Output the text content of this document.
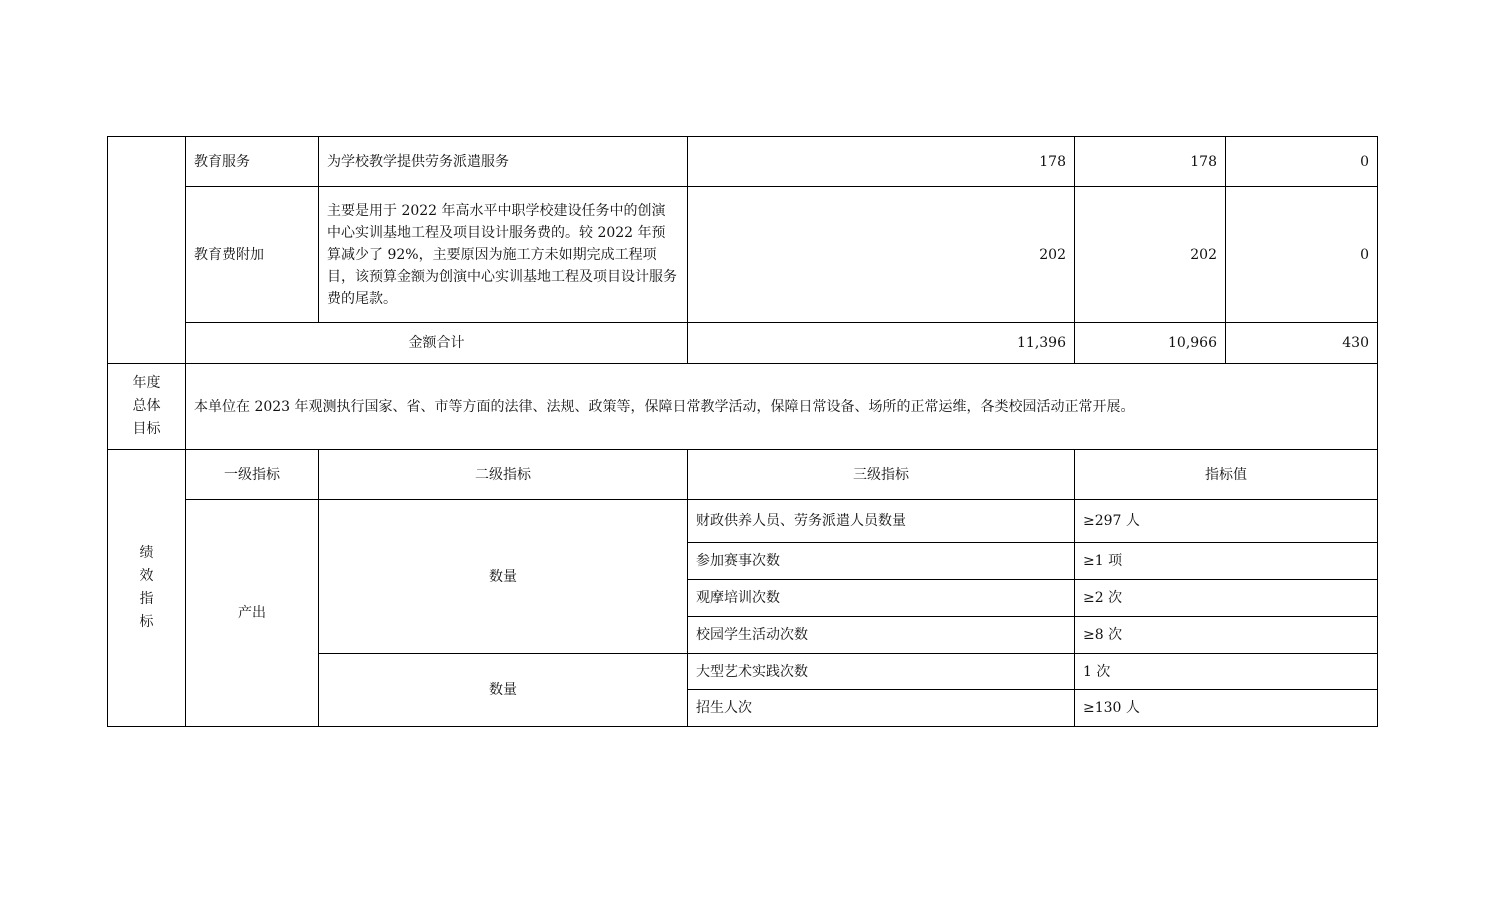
	教育服务	为学校教学提供劳务派遣服务	178	178	0
	教育费附加	主要是用于 2022 年高水平中职学校建设任务中的创演中心实训基地工程及项目设计服务费的。较 2022 年预算减少了 92%，主要原因为施工方未如期完成工程项目，该预算金额为创演中心实训基地工程及项目设计服务费的尾款。	202	202	0
	金额合计		11,396	10,966	430

年度
总体
目标	本单位在 2023 年观测执行国家、省、市等方面的法律、法规、政策等，保障日常教学活动，保障日常设备、场所的正常运维，各类校园活动正常开展。				

绩
效
指
标	一级指标	二级指标	三级指标	指标值	
	产出	数量	财政供养人员、劳务派遣人员数量	≥297 人	
			参加赛事次数	≥1 项	
			观摩培训次数	≥2 次	
			校园学生活动次数	≥8 次	
		数量	大型艺术实践次数	1 次	
			招生人次	≥130 人	
